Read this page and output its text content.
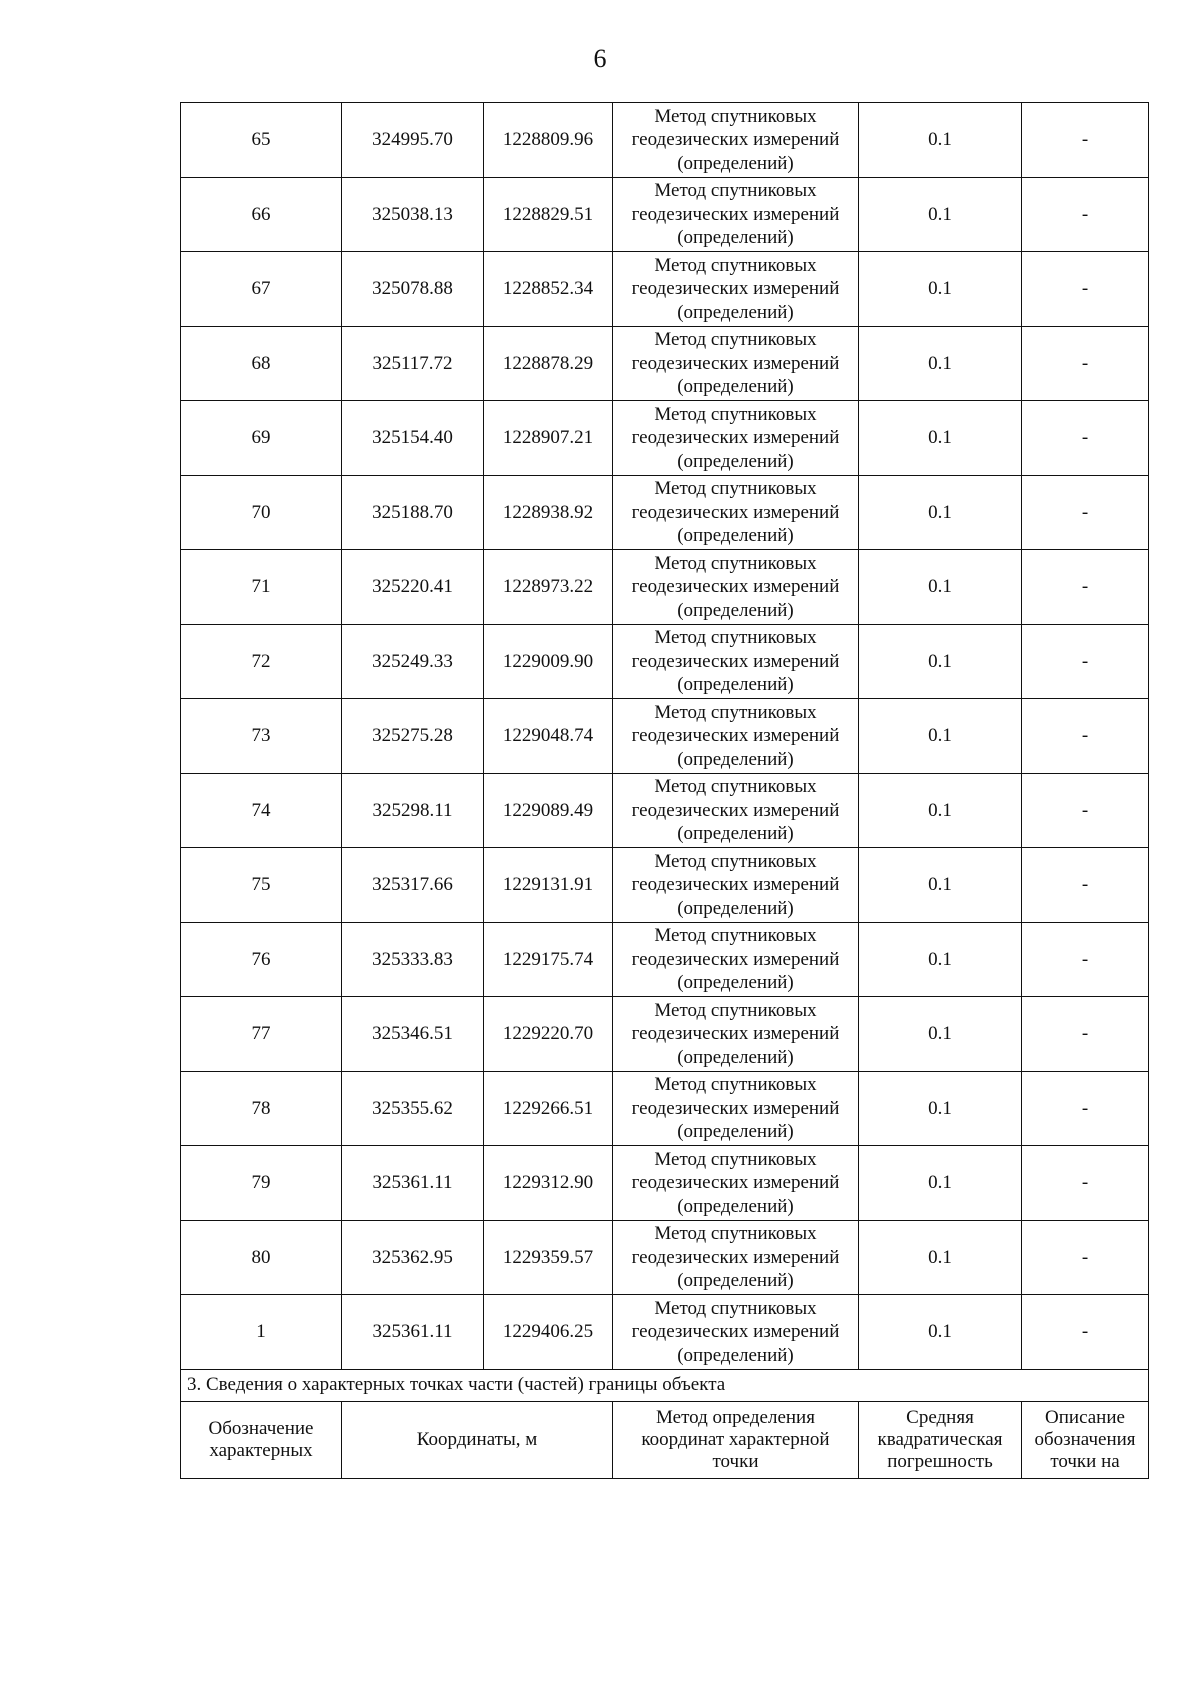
6
65	324995.70	1228809.96	Метод спутниковых
геодезических измерений
(определений)	0.1	-
66	325038.13	1228829.51	Метод спутниковых
геодезических измерений
(определений)	0.1	-
67	325078.88	1228852.34	Метод спутниковых
геодезических измерений
(определений)	0.1	-
68	325117.72	1228878.29	Метод спутниковых
геодезических измерений
(определений)	0.1	-
69	325154.40	1228907.21	Метод спутниковых
геодезических измерений
(определений)	0.1	-
70	325188.70	1228938.92	Метод спутниковых
геодезических измерений
(определений)	0.1	-
71	325220.41	1228973.22	Метод спутниковых
геодезических измерений
(определений)	0.1	-
72	325249.33	1229009.90	Метод спутниковых
геодезических измерений
(определений)	0.1	-
73	325275.28	1229048.74	Метод спутниковых
геодезических измерений
(определений)	0.1	-
74	325298.11	1229089.49	Метод спутниковых
геодезических измерений
(определений)	0.1	-
75	325317.66	1229131.91	Метод спутниковых
геодезических измерений
(определений)	0.1	-
76	325333.83	1229175.74	Метод спутниковых
геодезических измерений
(определений)	0.1	-
77	325346.51	1229220.70	Метод спутниковых
геодезических измерений
(определений)	0.1	-
78	325355.62	1229266.51	Метод спутниковых
геодезических измерений
(определений)	0.1	-
79	325361.11	1229312.90	Метод спутниковых
геодезических измерений
(определений)	0.1	-
80	325362.95	1229359.57	Метод спутниковых
геодезических измерений
(определений)	0.1	-
1	325361.11	1229406.25	Метод спутниковых
геодезических измерений
(определений)	0.1	-
3. Сведения о характерных точках части (частей) границы объекта					
Обозначение
характерных	Координаты, м		Метод определения
координат характерной
точки	Средняя
квадратическая
погрешность	Описание
обозначения
точки на
